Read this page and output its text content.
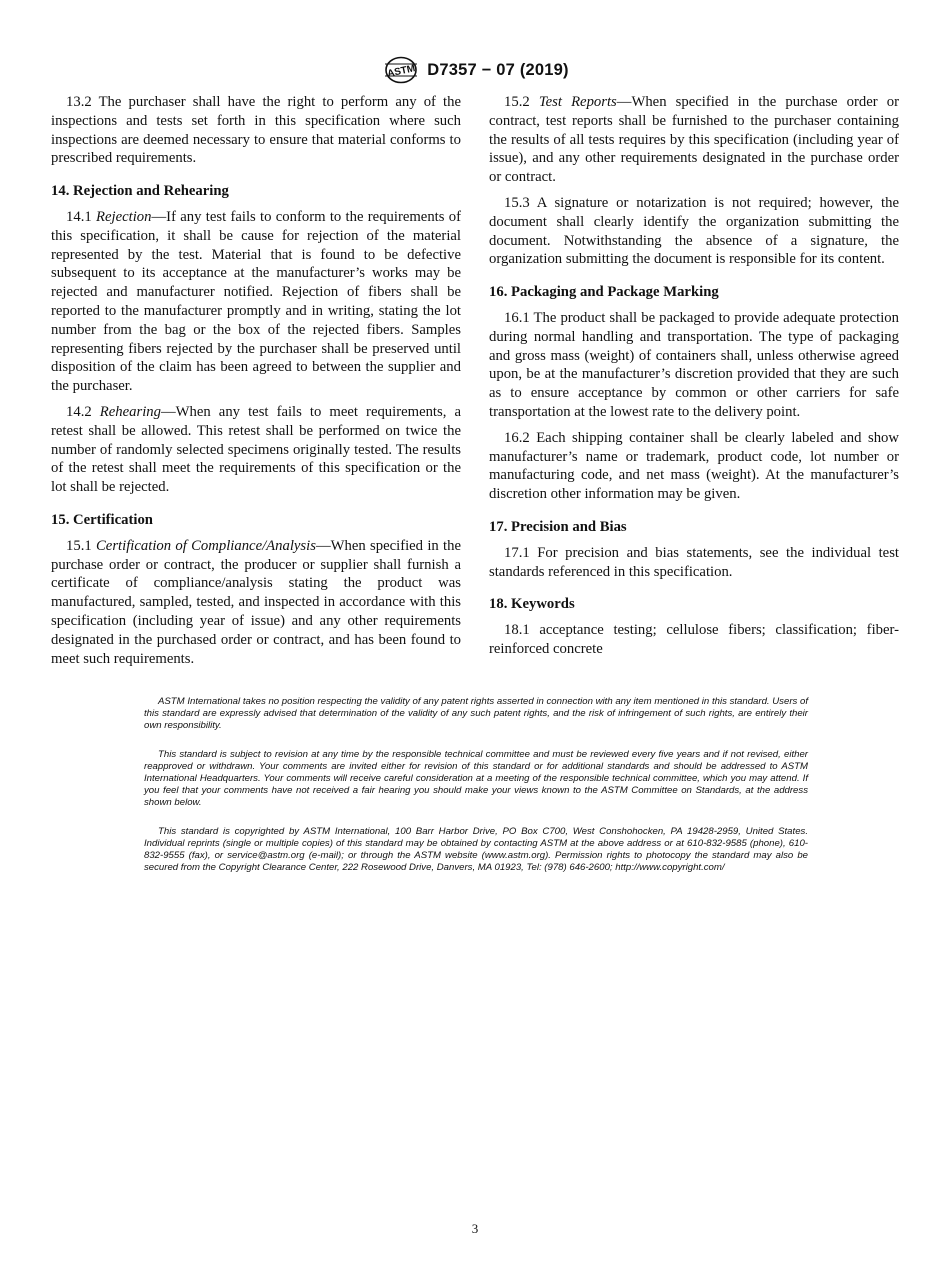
ASTM D7357 − 07 (2019)

13.2 The purchaser shall have the right to perform any of the inspections and tests set forth in this specification where such inspections are deemed necessary to ensure that material conforms to prescribed requirements.

14. Rejection and Rehearing

14.1 Rejection—If any test fails to conform to the requirements of this specification, it shall be cause for rejection of the material represented by the test. Material that is found to be defective subsequent to its acceptance at the manufacturer’s works may be rejected and manufacturer notified. Rejection of fibers shall be reported to the manufacturer promptly and in writing, stating the lot number from the bag or the box of the rejected fibers. Samples representing fibers rejected by the purchaser shall be preserved until disposition of the claim has been agreed to between the supplier and the purchaser.

14.2 Rehearing—When any test fails to meet requirements, a retest shall be allowed. This retest shall be performed on twice the number of randomly selected specimens originally tested. The results of the retest shall meet the requirements of this specification or the lot shall be rejected.

15. Certification

15.1 Certification of Compliance/Analysis—When specified in the purchase order or contract, the producer or supplier shall furnish a certificate of compliance/analysis stating the product was manufactured, sampled, tested, and inspected in accordance with this specification (including year of issue) and any other requirements designated in the purchased order or contract, and has been found to meet such requirements.

15.2 Test Reports—When specified in the purchase order or contract, test reports shall be furnished to the purchaser containing the results of all tests requires by this specification (including year of issue), and any other requirements designated in the purchase order or contract.

15.3 A signature or notarization is not required; however, the document shall clearly identify the organization submitting the document. Notwithstanding the absence of a signature, the organization submitting the document is responsible for its content.

16. Packaging and Package Marking

16.1 The product shall be packaged to provide adequate protection during normal handling and transportation. The type of packaging and gross mass (weight) of containers shall, unless otherwise agreed upon, be at the manufacturer’s discretion provided that they are such as to ensure acceptance by common or other carriers for safe transportation at the lowest rate to the delivery point.

16.2 Each shipping container shall be clearly labeled and show manufacturer’s name or trademark, product code, lot number or manufacturing code, and net mass (weight). At the manufacturer’s discretion other information may be given.

17. Precision and Bias

17.1 For precision and bias statements, see the individual test standards referenced in this specification.

18. Keywords

18.1 acceptance testing; cellulose fibers; classification; fiber-reinforced concrete

ASTM International takes no position respecting the validity of any patent rights asserted in connection with any item mentioned in this standard. Users of this standard are expressly advised that determination of the validity of any such patent rights, and the risk of infringement of such rights, are entirely their own responsibility.

This standard is subject to revision at any time by the responsible technical committee and must be reviewed every five years and if not revised, either reapproved or withdrawn. Your comments are invited either for revision of this standard or for additional standards and should be addressed to ASTM International Headquarters. Your comments will receive careful consideration at a meeting of the responsible technical committee, which you may attend. If you feel that your comments have not received a fair hearing you should make your views known to the ASTM Committee on Standards, at the address shown below.

This standard is copyrighted by ASTM International, 100 Barr Harbor Drive, PO Box C700, West Conshohocken, PA 19428-2959, United States. Individual reprints (single or multiple copies) of this standard may be obtained by contacting ASTM at the above address or at 610-832-9585 (phone), 610-832-9555 (fax), or service@astm.org (e-mail); or through the ASTM website (www.astm.org). Permission rights to photocopy the standard may also be secured from the Copyright Clearance Center, 222 Rosewood Drive, Danvers, MA 01923, Tel: (978) 646-2600; http://www.copyright.com/

3
